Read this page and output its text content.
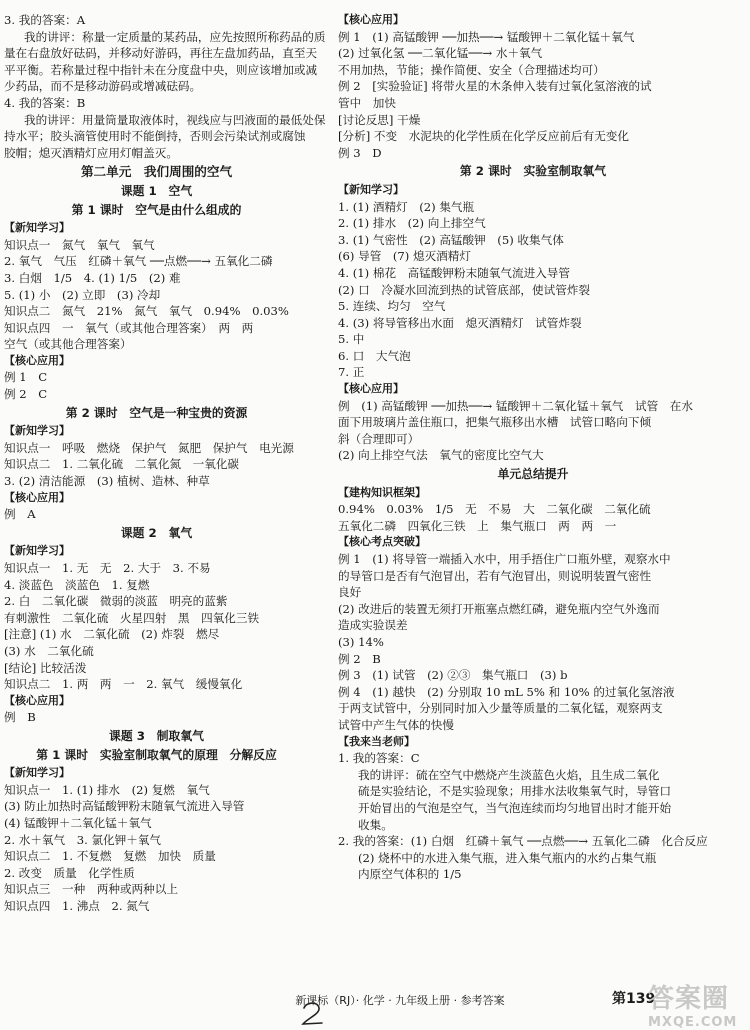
3. 我的答案：A
我的讲评：称量一定质量的某药品，应先按照所称药品的质
量在右盘放好砝码，并移动好游码，再往左盘加药品，直至天
平平衡。若称量过程中指针未在分度盘中央，则应该增加或减
少药品，而不是移动游码或增减砝码。
4. 我的答案：B
我的讲评：用量筒量取液体时，视线应与凹液面的最低处保
持水平；胶头滴管使用时不能倒持，否则会污染试剂或腐蚀
胶帽；熄灭酒精灯应用灯帽盖灭。
第二单元　我们周围的空气
课题 1　空气
第 1 课时　空气是由什么组成的
【新知学习】
知识点一　氮气　氧气　氧气
2. 氧气　气压　红磷＋氧气 ──点燃──→ 五氧化二磷
3. 白烟　1/5　4. (1) 1/5　(2) 难
5. (1) 小　(2) 立即　(3) 冷却
知识点二　氮气　21%　氮气　氧气　0.94%　0.03%
知识点四　一　氧气（或其他合理答案）　两　两
空气（或其他合理答案）
【核心应用】
例 1　C
例 2　C
第 2 课时　空气是一种宝贵的资源
【新知学习】
知识点一　呼吸　燃烧　保护气　氮肥　保护气　电光源
知识点二　1. 二氧化硫　二氧化氮　一氧化碳
3. (2) 清洁能源　(3) 植树、造林、种草
【核心应用】
例　A
课题 2　氧气
【新知学习】
知识点一　1. 无　无　2. 大于　3. 不易
4. 淡蓝色　淡蓝色　1. 复燃
2. 白　二氧化碳　微弱的淡蓝　明亮的蓝紫
有刺激性　二氧化硫　火星四射　黑　四氧化三铁
[注意] (1) 水　二氧化硫　(2) 炸裂　燃尽
(3) 水　二氧化硫
[结论] 比较活泼
知识点二　1. 两　两　一　2. 氧气　缓慢氧化
【核心应用】
例　B
课题 3　制取氧气
第 1 课时　实验室制取氧气的原理　分解反应
【新知学习】
知识点一　1. (1) 排水　(2) 复燃　氧气
(3) 防止加热时高锰酸钾粉末随氧气流进入导管
(4) 锰酸钾＋二氧化锰＋氧气
2. 水＋氧气　3. 氯化钾＋氧气
知识点二　1. 不复燃　复燃　加快　质量
2. 改变　质量　化学性质
知识点三　一种　两种或两种以上
知识点四　1. 沸点　2. 氮气
【核心应用】
例 1　(1) 高锰酸钾 ──加热──→ 锰酸钾＋二氧化锰＋氧气
(2) 过氧化氢 ──二氧化锰──→ 水＋氧气
不用加热，节能；操作简便、安全（合理描述均可）
例 2　[实验验证] 将带火星的木条伸入装有过氧化氢溶液的试
管中　加快
[讨论反思] 干燥
[分析] 不变　水泥块的化学性质在化学反应前后有无变化
例 3　D
第 2 课时　实验室制取氧气
【新知学习】
1. (1) 酒精灯　(2) 集气瓶
2. (1) 排水　(2) 向上排空气
3. (1) 气密性　(2) 高锰酸钾　(5) 收集气体
(6) 导管　(7) 熄灭酒精灯
4. (1) 棉花　高锰酸钾粉末随氧气流进入导管
(2) 口　冷凝水回流到热的试管底部，使试管炸裂
5. 连续、均匀　空气
4. (3) 将导管移出水面　熄灭酒精灯　试管炸裂
5. 中
6. 口　大气泡
7. 正
【核心应用】
例　(1) 高锰酸钾 ──加热──→ 锰酸钾＋二氧化锰＋氧气　试管　在水
面下用玻璃片盖住瓶口，把集气瓶移出水槽　试管口略向下倾
斜（合理即可）
(2) 向上排空气法　氧气的密度比空气大
单元总结提升
【建构知识框架】
0.94%　0.03%　1/5　无　不易　大　二氧化碳　二氧化硫
五氧化二磷　四氧化三铁　上　集气瓶口　两　两　一
【核心考点突破】
例 1　(1) 将导管一端插入水中，用手捂住广口瓶外壁，观察水中
的导管口是否有气泡冒出，若有气泡冒出，则说明装置气密性
良好
(2) 改进后的装置无须打开瓶塞点燃红磷，避免瓶内空气外逸而
造成实验误差
(3) 14%
例 2　B
例 3　(1) 试管　(2) ②③　集气瓶口　(3) b
例 4　(1) 越快　(2) 分别取 10 mL 5% 和 10% 的过氧化氢溶液
于两支试管中，分别同时加入少量等质量的二氧化锰，观察两支
试管中产生气体的快慢
【我来当老师】
1. 我的答案：C
我的讲评：硫在空气中燃烧产生淡蓝色火焰，且生成二氧化
硫是实验结论，不是实验现象；用排水法收集氧气时，导管口
开始冒出的气泡是空气，当气泡连续而均匀地冒出时才能开始
收集。
2. 我的答案：(1) 白烟　红磷＋氧气 ──点燃──→ 五氧化二磷　化合反应
(2) 烧杯中的水进入集气瓶，进入集气瓶内的水约占集气瓶
内原空气体积的 1/5
新课标（RJ）· 化学 · 九年级上册 · 参考答案	第139
答案圈
MXQE.COM
